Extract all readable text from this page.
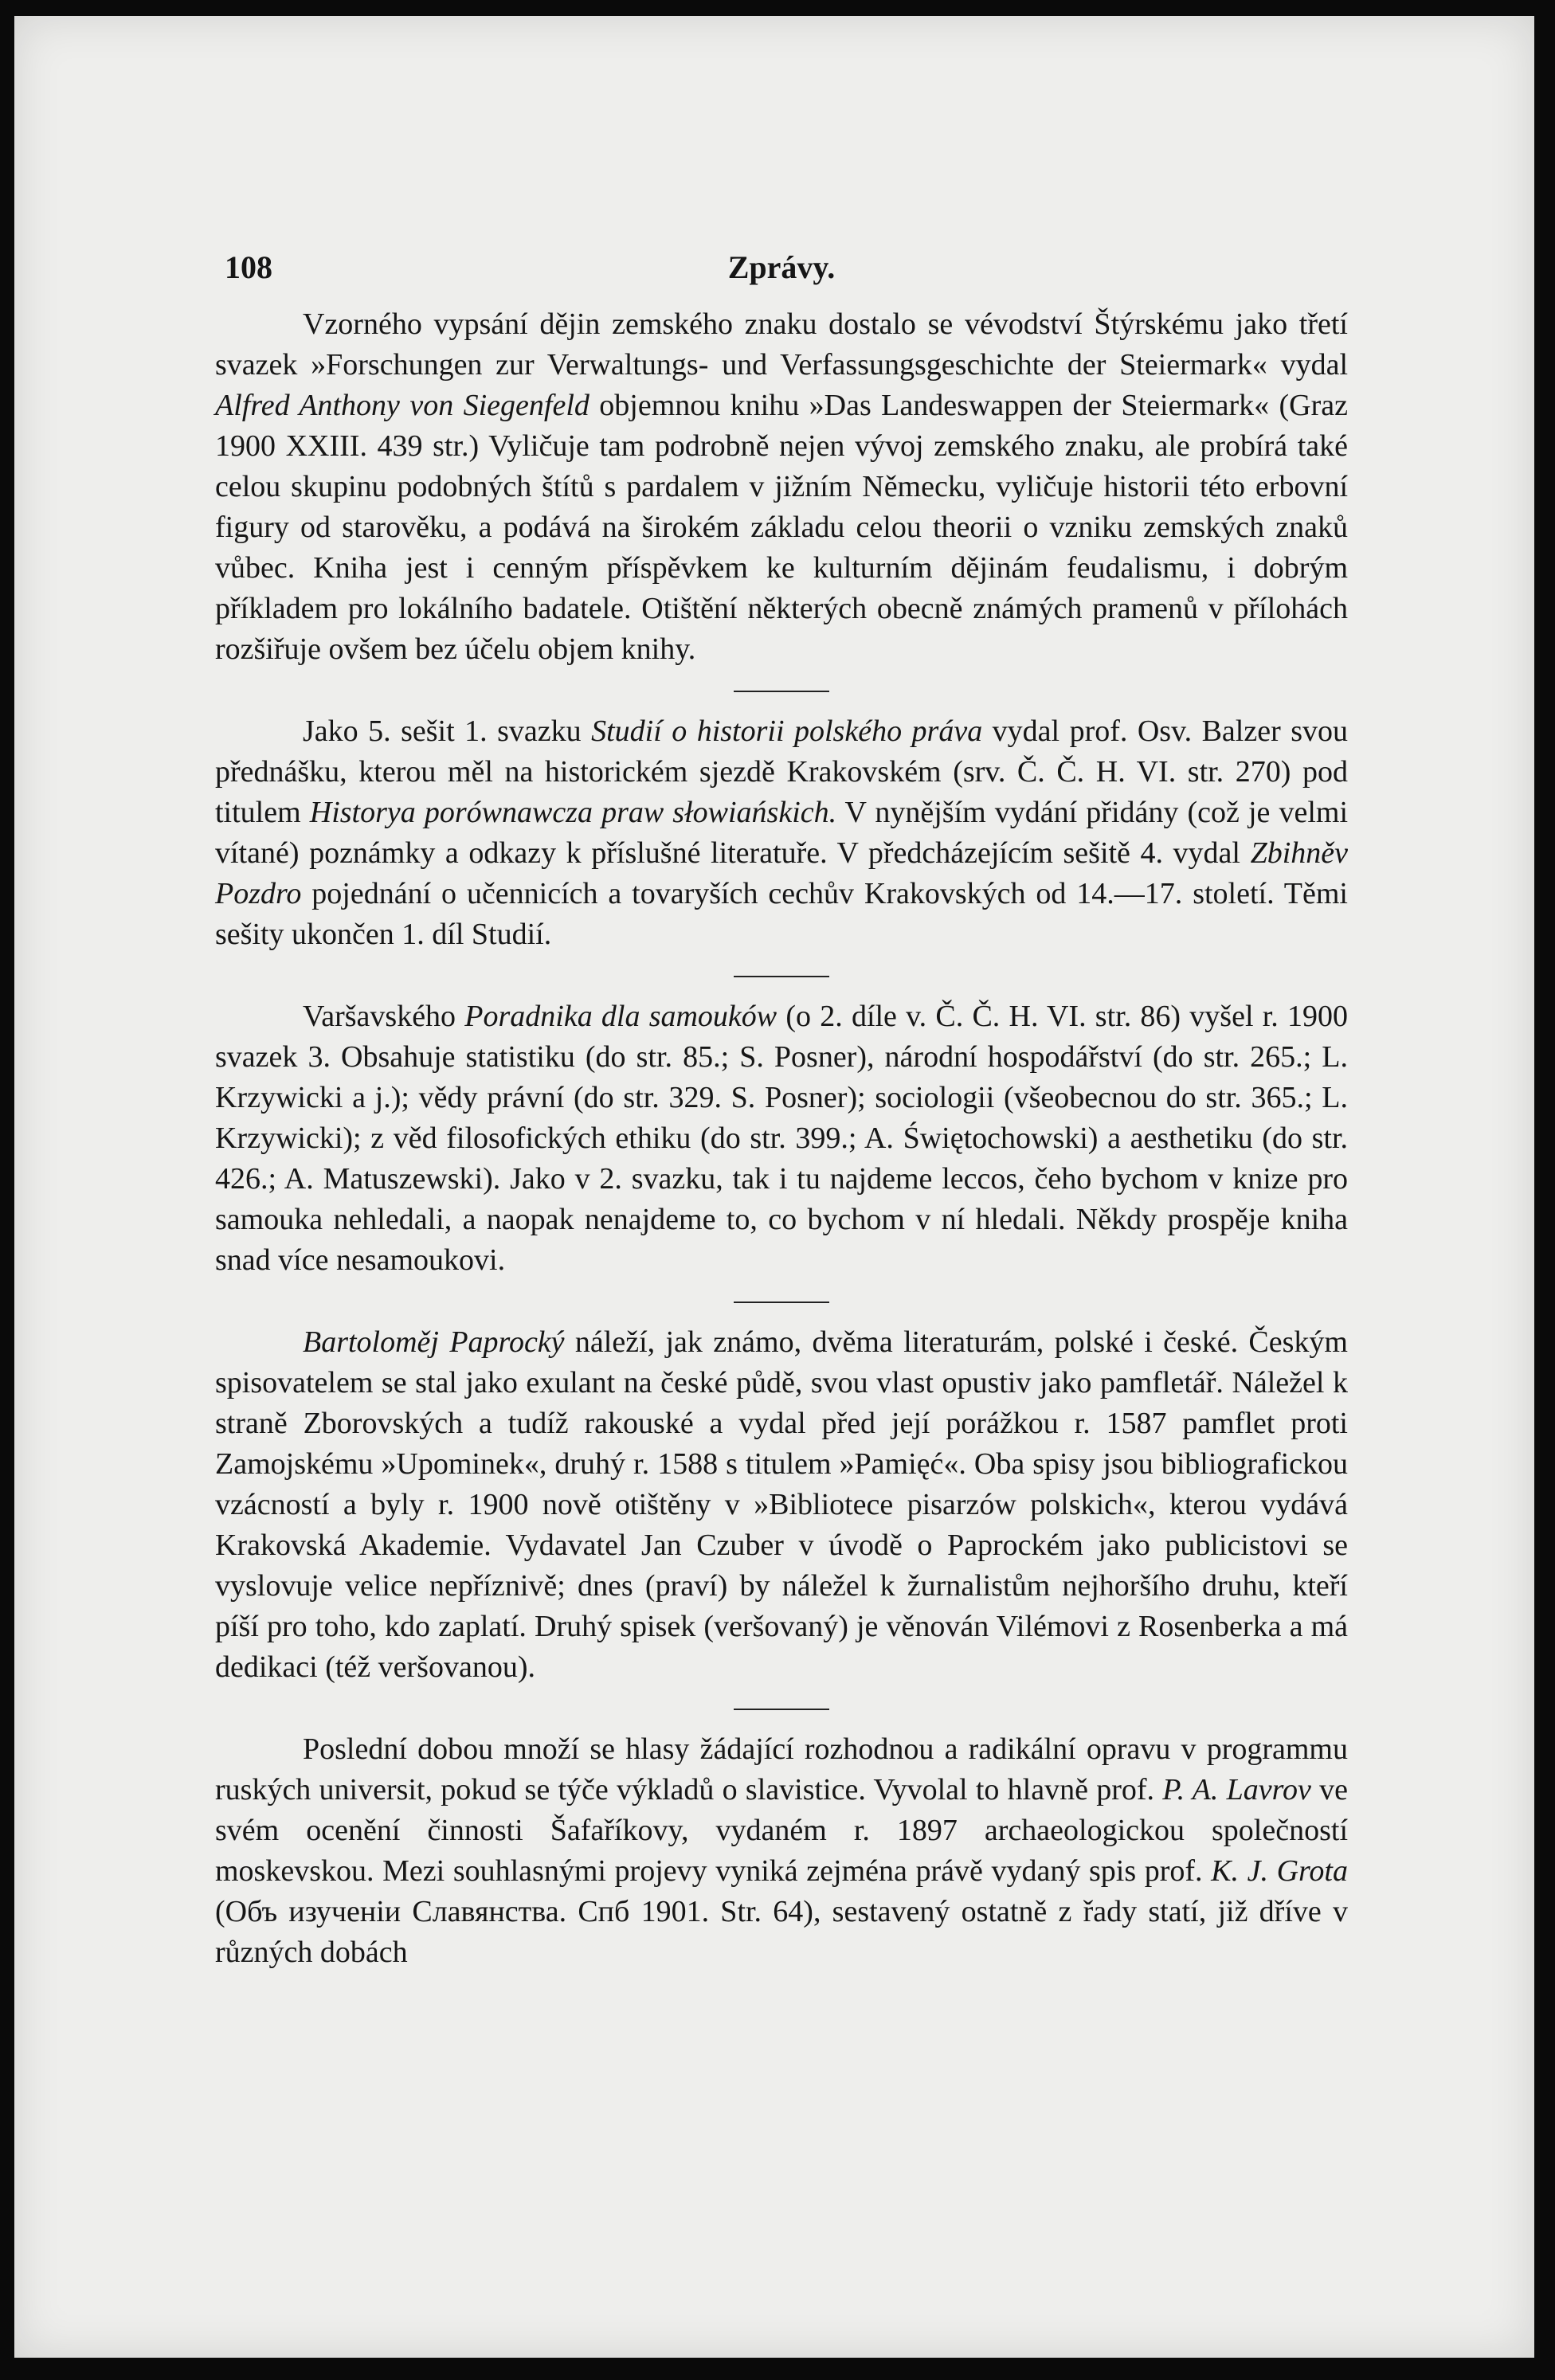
108	Zprávy.

Vzorného vypsání dějin zemského znaku dostalo se vévodství Štýrskému jako třetí svazek »Forschungen zur Verwaltungs- und Verfassungsgeschichte der Steiermark« vydal Alfred Anthony von Siegenfeld objemnou knihu »Das Landeswappen der Steiermark« (Graz 1900 XXIII. 439 str.) Vyličuje tam podrobně nejen vývoj zemského znaku, ale probírá také celou skupinu podobných štítů s pardalem v jižním Německu, vyličuje historii této erbovní figury od starověku, a podává na širokém základu celou theorii o vzniku zemských znaků vůbec. Kniha jest i cenným příspěvkem ke kulturním dějinám feudalismu, i dobrým příkladem pro lokálního badatele. Otištění některých obecně známých pramenů v přílohách rozšiřuje ovšem bez účelu objem knihy.

Jako 5. sešit 1. svazku Studií o historii polského práva vydal prof. Osv. Balzer svou přednášku, kterou měl na historickém sjezdě Krakovském (srv. Č. Č. H. VI. str. 270) pod titulem Historya porównawcza praw słowiańskich. V nynějším vydání přidány (což je velmi vítané) poznámky a odkazy k příslušné literatuře. V předcházejícím sešitě 4. vydal Zbihněv Pozdro pojednání o učennicích a tovaryších cechův Krakovských od 14.—17. století. Těmi sešity ukončen 1. díl Studií.

Varšavského Poradnika dla samouków (o 2. díle v. Č. Č. H. VI. str. 86) vyšel r. 1900 svazek 3. Obsahuje statistiku (do str. 85.; S. Posner), národní hospodářství (do str. 265.; L. Krzywicki a j.); vědy právní (do str. 329. S. Posner); sociologii (všeobecnou do str. 365.; L. Krzywicki); z věd filosofických ethiku (do str. 399.; A. Świętochowski) a aesthetiku (do str. 426.; A. Matuszewski). Jako v 2. svazku, tak i tu najdeme leccos, čeho bychom v knize pro samouka nehledali, a naopak nenajdeme to, co bychom v ní hledali. Někdy prospěje kniha snad více nesamoukovi.

Bartoloměj Paprocký náleží, jak známo, dvěma literaturám, polské i české. Českým spisovatelem se stal jako exulant na české půdě, svou vlast opustiv jako pamfletář. Náležel k straně Zborovských a tudíž rakouské a vydal před její porážkou r. 1587 pamflet proti Zamojskému »Upominek«, druhý r. 1588 s titulem »Pamięć«. Oba spisy jsou bibliografickou vzácností a byly r. 1900 nově otištěny v »Bibliotece pisarzów polskich«, kterou vydává Krakovská Akademie. Vydavatel Jan Czuber v úvodě o Paprockém jako publicistovi se vyslovuje velice nepříznivě; dnes (praví) by náležel k žurnalistům nejhoršího druhu, kteří píší pro toho, kdo zaplatí. Druhý spisek (veršovaný) je věnován Vilémovi z Rosenberka a má dedikaci (též veršovanou).

Poslední dobou množí se hlasy žádající rozhodnou a radikální opravu v programmu ruských universit, pokud se týče výkladů o slavistice. Vyvolal to hlavně prof. P. A. Lavrov ve svém ocenění činnosti Šafaříkovy, vydaném r. 1897 archaeologickou společností moskevskou. Mezi souhlasnými projevy vyniká zejména právě vydaný spis prof. K. J. Grota (Объ изученіи Славянства. Спб 1901. Str. 64), sestavený ostatně z řady statí, již dříve v různých dobách
